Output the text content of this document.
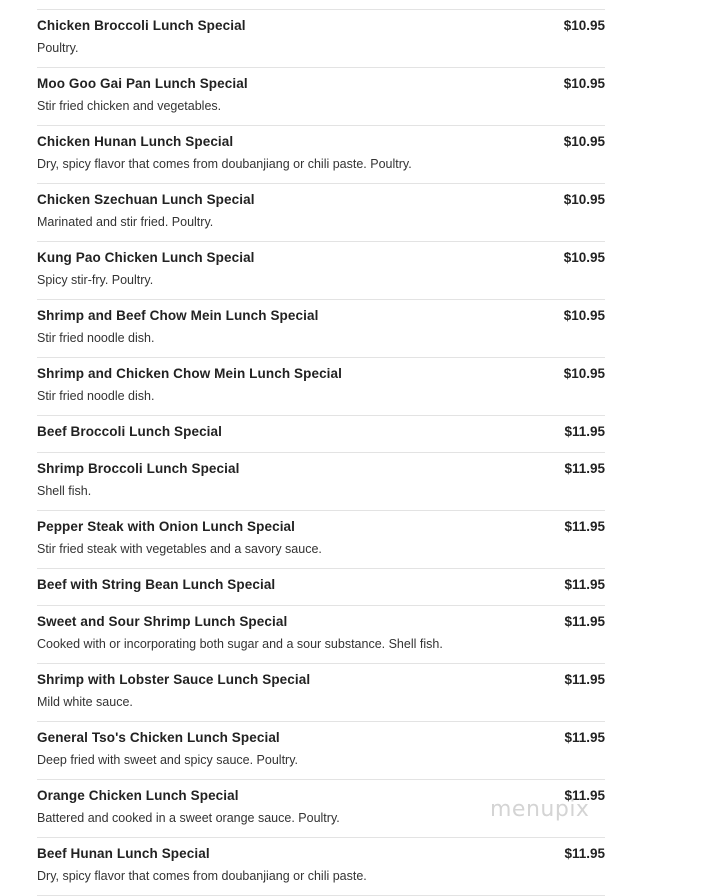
Chicken Broccoli Lunch Special	$10.95
Poultry.
Moo Goo Gai Pan Lunch Special	$10.95
Stir fried chicken and vegetables.
Chicken Hunan Lunch Special	$10.95
Dry, spicy flavor that comes from doubanjiang or chili paste. Poultry.
Chicken Szechuan Lunch Special	$10.95
Marinated and stir fried. Poultry.
Kung Pao Chicken Lunch Special	$10.95
Spicy stir-fry. Poultry.
Shrimp and Beef Chow Mein Lunch Special	$10.95
Stir fried noodle dish.
Shrimp and Chicken Chow Mein Lunch Special	$10.95
Stir fried noodle dish.
Beef Broccoli Lunch Special	$11.95
Shrimp Broccoli Lunch Special	$11.95
Shell fish.
Pepper Steak with Onion Lunch Special	$11.95
Stir fried steak with vegetables and a savory sauce.
Beef with String Bean Lunch Special	$11.95
Sweet and Sour Shrimp Lunch Special	$11.95
Cooked with or incorporating both sugar and a sour substance. Shell fish.
Shrimp with Lobster Sauce Lunch Special	$11.95
Mild white sauce.
General Tso's Chicken Lunch Special	$11.95
Deep fried with sweet and spicy sauce. Poultry.
Orange Chicken Lunch Special	$11.95
Battered and cooked in a sweet orange sauce. Poultry.
Beef Hunan Lunch Special	$11.95
Dry, spicy flavor that comes from doubanjiang or chili paste.
menupix
